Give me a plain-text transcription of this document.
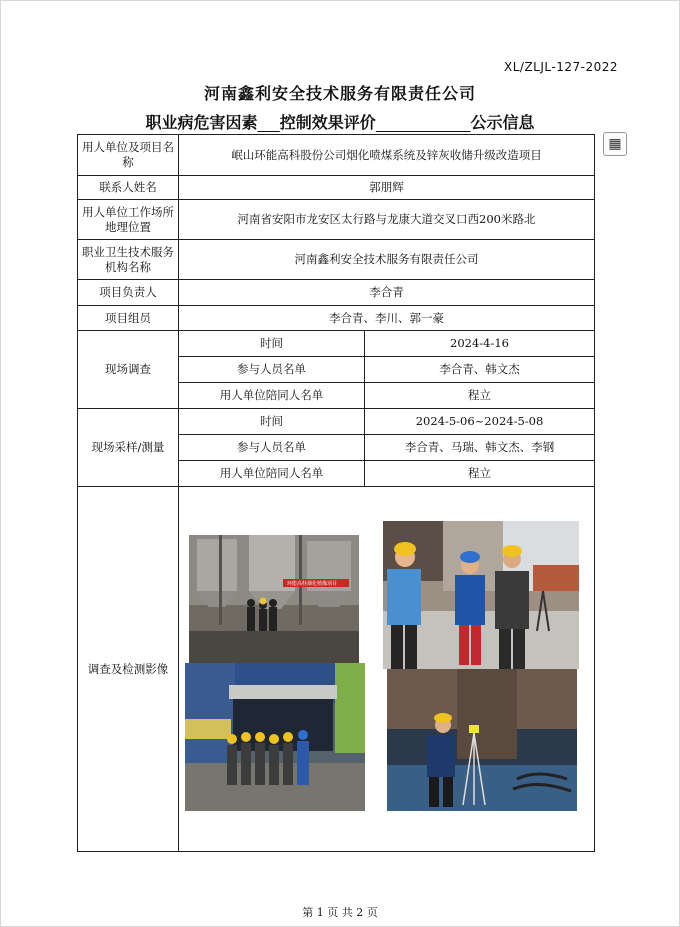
XL/ZLJL-127-2022
河南鑫利安全技术服务有限责任公司
职业病危害因素 控制效果评价	公示信息
▦
用人单位及项目名称	岷山环能高科股份公司烟化喷煤系统及锌灰收储升级改造项目	
联系人姓名	郭朋辉	
用人单位工作场所地理位置	河南省安阳市龙安区太行路与龙康大道交叉口西200米路北	
职业卫生技术服务机构名称	河南鑫利安全技术服务有限责任公司	
项目负责人	李合青	
项目组员	李合青、李川、郭一豪	
现场调查	时间	2024-4-16
	参与人员名单	李合青、韩文杰
	用人单位陪同人名单	程立
现场采样/测量	时间	2024-5-06~2024-5-08
	参与人员名单	李合青、马瑞、韩文杰、李钢
	用人单位陪同人名单	程立
调查及检测影像	环能高科烟化喷煤项目	
第 1 页 共 2 页
